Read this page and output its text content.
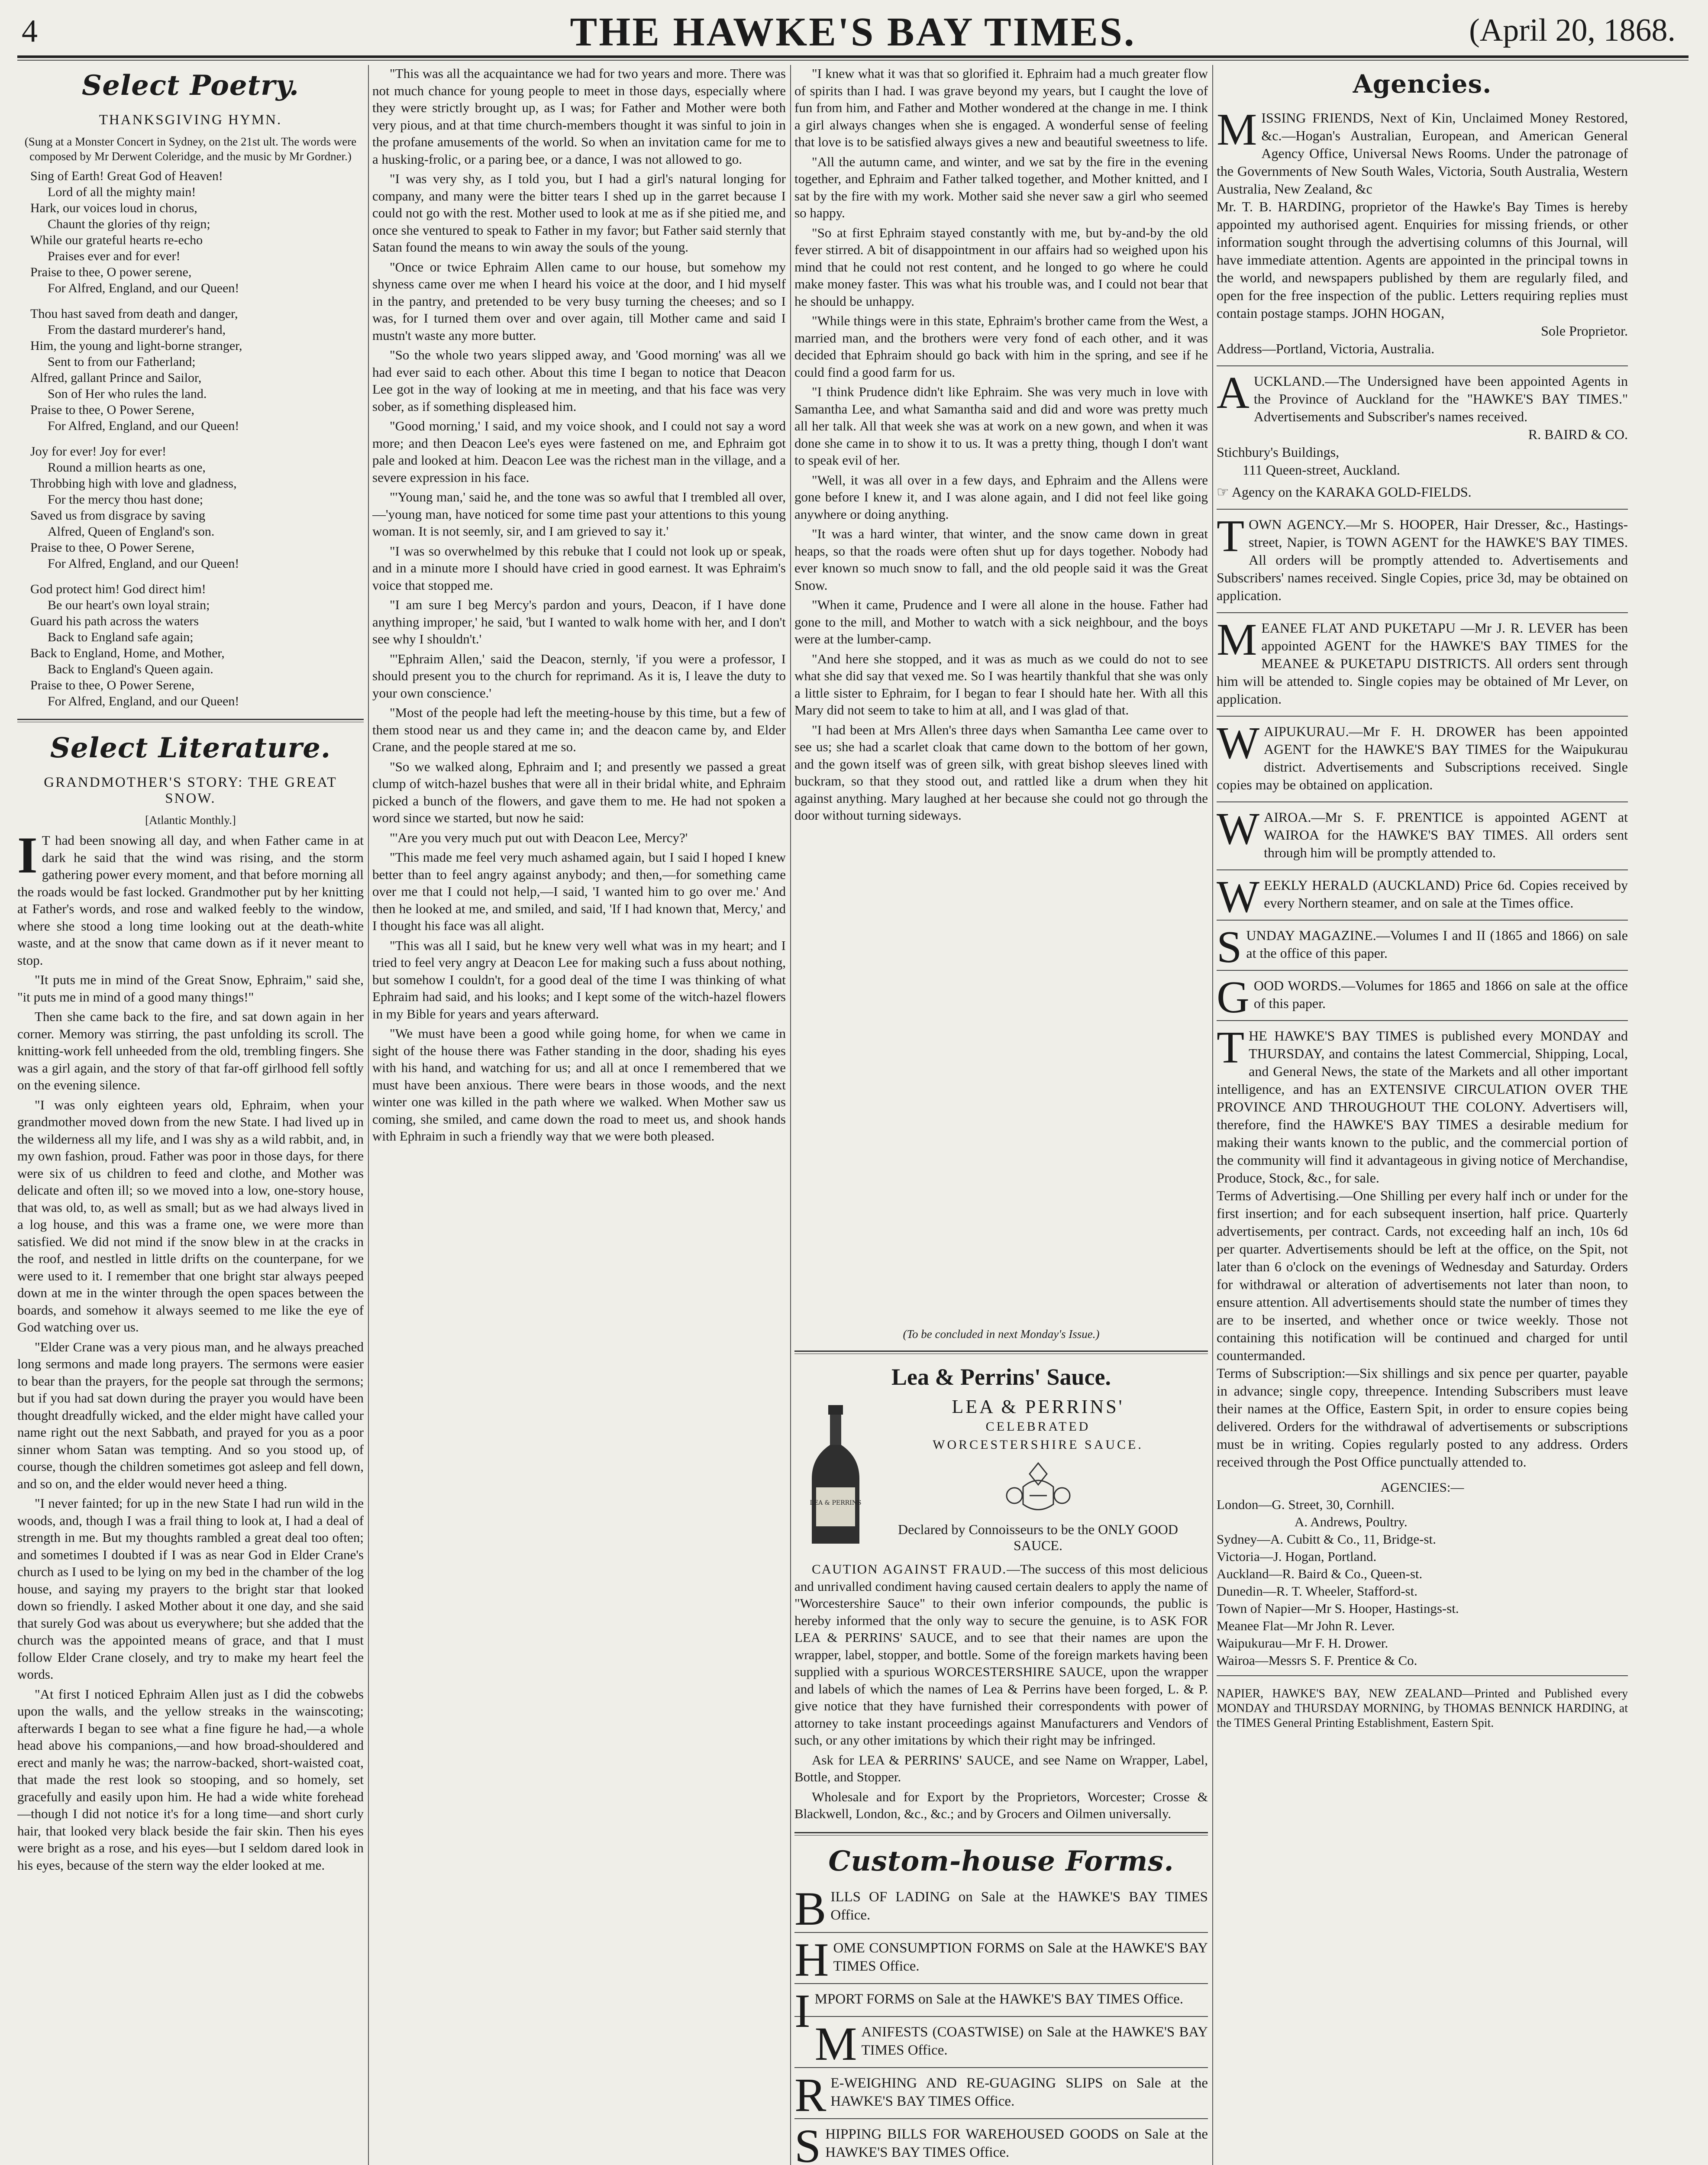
4	THE HAWKE'S BAY TIMES.	(April 20, 1868.
Select Poetry.
THANKSGIVING HYMN.
(Sung at a Monster Concert in Sydney, on the 21st ult. The words were composed by Mr Derwent Coleridge, and the music by Mr Gordner.)
Sing of Earth! Great God of Heaven!
Lord of all the mighty main!
Hark, our voices loud in chorus,
Chaunt the glories of thy reign;
While our grateful hearts re-echo
Praises ever and for ever!
Praise to thee, O power serene,
For Alfred, England, and our Queen!
Thou hast saved from death and danger,
From the dastard murderer's hand,
Him, the young and light-borne stranger,
Sent to from our Fatherland;
Alfred, gallant Prince and Sailor,
Son of Her who rules the land.
Praise to thee, O Power Serene,
For Alfred, England, and our Queen!
Joy for ever! Joy for ever!
Round a million hearts as one,
Throbbing high with love and gladness,
For the mercy thou hast done;
Saved us from disgrace by saving
Alfred, Queen of England's son.
Praise to thee, O Power Serene,
For Alfred, England, and our Queen!
God protect him! God direct him!
Be our heart's own loyal strain;
Guard his path across the waters
Back to England safe again;
Back to England, Home, and Mother,
Back to England's Queen again.
Praise to thee, O Power Serene,
For Alfred, England, and our Queen!
Select Literature.
GRANDMOTHER'S STORY: THE GREAT SNOW.
[Atlantic Monthly.]

I T had been snowing all day, and when Father came in at dark he said that the wind was rising, and the storm gathering power every moment, and that before morning all the roads would be fast locked. Grandmother put by her knitting at Father's words, and rose and walked feebly to the window, where she stood a long time looking out at the death-white waste, and at the snow that came down as if it never meant to stop.

"It puts me in mind of the Great Snow, Ephraim," said she, "it puts me in mind of a good many things!"

Then she came back to the fire, and sat down again in her corner. Memory was stirring, the past unfolding its scroll. The knitting-work fell unheeded from the old, trembling fingers. She was a girl again, and the story of that far-off girlhood fell softly on the evening silence.

"I was only eighteen years old, Ephraim, when your grandmother moved down from the new State. I had lived up in the wilderness all my life, and I was shy as a wild rabbit, and, in my own fashion, proud. Father was poor in those days, for there were six of us children to feed and clothe, and Mother was delicate and often ill; so we moved into a low, one-story house, that was old, to, as well as small; but as we had always lived in a log house, and this was a frame one, we were more than satisfied. We did not mind if the snow blew in at the cracks in the roof, and nestled in little drifts on the counterpane, for we were used to it. I remember that one bright star always peeped down at me in the winter through the open spaces between the boards, and somehow it always seemed to me like the eye of God watching over us.

"Elder Crane was a very pious man, and he always preached long sermons and made long prayers. The sermons were easier to bear than the prayers, for the people sat through the sermons; but if you had sat down during the prayer you would have been thought dreadfully wicked, and the elder might have called your name right out the next Sabbath, and prayed for you as a poor sinner whom Satan was tempting. And so you stood up, of course, though the children sometimes got asleep and fell down, and so on, and the elder would never heed a thing.

"I never fainted; for up in the new State I had run wild in the woods, and, though I was a frail thing to look at, I had a deal of strength in me. But my thoughts rambled a great deal too often; and sometimes I doubted if I was as near God in Elder Crane's church as I used to be lying on my bed in the chamber of the log house, and saying my prayers to the bright star that looked down so friendly. I asked Mother about it one day, and she said that surely God was about us everywhere; but she added that the church was the appointed means of grace, and that I must follow Elder Crane closely, and try to make my heart feel the words.

"At first I noticed Ephraim Allen just as I did the cobwebs upon the walls, and the yellow streaks in the wainscoting; afterwards I began to see what a fine figure he had,—a whole head above his companions,—and how broad-shouldered and erect and manly he was; the narrow-backed, short-waisted coat, that made the rest look so stooping, and so homely, set gracefully and easily upon him. He had a wide white forehead—though I did not notice it's for a long time—and short curly hair, that looked very black beside the fair skin. Then his eyes were bright as a rose, and his eyes—but I seldom dared look in his eyes, because of the stern way the elder looked at me.

"This was all the acquaintance we had for two years and more. There was not much chance for young people to meet in those days, especially where they were strictly brought up, as I was; for Father and Mother were both very pious, and at that time church-members thought it was sinful to join in the profane amusements of the world. So when an invitation came for me to a husking-frolic, or a paring bee, or a dance, I was not allowed to go.

"I was very shy, as I told you, but I had a girl's natural longing for company, and many were the bitter tears I shed up in the garret because I could not go with the rest. Mother used to look at me as if she pitied me, and once she ventured to speak to Father in my favor; but Father said sternly that Satan found the means to win away the souls of the young.

"Once or twice Ephraim Allen came to our house, but somehow my shyness came over me when I heard his voice at the door, and I hid myself in the pantry, and pretended to be very busy turning the cheeses; and so I was, for I turned them over and over again, till Mother came and said I mustn't waste any more butter.

"So the whole two years slipped away, and 'Good morning' was all we had ever said to each other. About this time I began to notice that Deacon Lee got in the way of looking at me in meeting, and that his face was very sober, as if something displeased him.

"Good morning,' I said, and my voice shook, and I could not say a word more; and then Deacon Lee's eyes were fastened on me, and Ephraim got pale and looked at him. Deacon Lee was the richest man in the village, and a severe expression in his face.

"'Young man,' said he, and the tone was so awful that I trembled all over,—'young man, have noticed for some time past your attentions to this young woman. It is not seemly, sir, and I am grieved to say it.'

"I was so overwhelmed by this rebuke that I could not look up or speak, and in a minute more I should have cried in good earnest. It was Ephraim's voice that stopped me.

"I am sure I beg Mercy's pardon and yours, Deacon, if I have done anything improper,' he said, 'but I wanted to walk home with her, and I don't see why I shouldn't.'

"'Ephraim Allen,' said the Deacon, sternly, 'if you were a professor, I should present you to the church for reprimand. As it is, I leave the duty to your own conscience.'

"Most of the people had left the meeting-house by this time, but a few of them stood near us and they came in; and the deacon came by, and Elder Crane, and the people stared at me so.

"So we walked along, Ephraim and I; and presently we passed a great clump of witch-hazel bushes that were all in their bridal white, and Ephraim picked a bunch of the flowers, and gave them to me. He had not spoken a word since we started, but now he said:

"'Are you very much put out with Deacon Lee, Mercy?'

"This made me feel very much ashamed again, but I said I hoped I knew better than to feel angry against anybody; and then,—for something came over me that I could not help,—I said, 'I wanted him to go over me.' And then he looked at me, and smiled, and said, 'If I had known that, Mercy,' and I thought his face was all alight.

"This was all I said, but he knew very well what was in my heart; and I tried to feel very angry at Deacon Lee for making such a fuss about nothing, but somehow I couldn't, for a good deal of the time I was thinking of what Ephraim had said, and his looks; and I kept some of the witch-hazel flowers in my Bible for years and years afterward.

"We must have been a good while going home, for when we came in sight of the house there was Father standing in the door, shading his eyes with his hand, and watching for us; and all at once I remembered that we must have been anxious. There were bears in those woods, and the next winter one was killed in the path where we walked. When Mother saw us coming, she smiled, and came down the road to meet us, and shook hands with Ephraim in such a friendly way that we were both pleased.

"I knew what it was that so glorified it. Ephraim had a much greater flow of spirits than I had. I was grave beyond my years, but I caught the love of fun from him, and Father and Mother wondered at the change in me. I think a girl always changes when she is engaged. A wonderful sense of feeling that love is to be satisfied always gives a new and beautiful sweetness to life.

"All the autumn came, and winter, and we sat by the fire in the evening together, and Ephraim and Father talked together, and Mother knitted, and I sat by the fire with my work. Mother said she never saw a girl who seemed so happy.

"So at first Ephraim stayed constantly with me, but by-and-by the old fever stirred. A bit of disappointment in our affairs had so weighed upon his mind that he could not rest content, and he longed to go where he could make money faster. This was what his trouble was, and I could not bear that he should be unhappy.

"While things were in this state, Ephraim's brother came from the West, a married man, and the brothers were very fond of each other, and it was decided that Ephraim should go back with him in the spring, and see if he could find a good farm for us.

"I think Prudence didn't like Ephraim. She was very much in love with Samantha Lee, and what Samantha said and did and wore was pretty much all her talk. All that week she was at work on a new gown, and when it was done she came in to show it to us. It was a pretty thing, though I don't want to speak evil of her.

"Well, it was all over in a few days, and Ephraim and the Allens were gone before I knew it, and I was alone again, and I did not feel like going anywhere or doing anything.

"It was a hard winter, that winter, and the snow came down in great heaps, so that the roads were often shut up for days together. Nobody had ever known so much snow to fall, and the old people said it was the Great Snow.

"When it came, Prudence and I were all alone in the house. Father had gone to the mill, and Mother to watch with a sick neighbour, and the boys were at the lumber-camp.

"And here she stopped, and it was as much as we could do not to see what she did say that vexed me. So I was heartily thankful that she was only a little sister to Ephraim, for I began to fear I should hate her. With all this Mary did not seem to take to him at all, and I was glad of that.

"I had been at Mrs Allen's three days when Samantha Lee came over to see us; she had a scarlet cloak that came down to the bottom of her gown, and the gown itself was of green silk, with great bishop sleeves lined with buckram, so that they stood out, and rattled like a drum when they hit against anything. Mary laughed at her because she could not go through the door without turning sideways.

(To be concluded in next Monday's Issue.)
Lea & Perrins' Sauce.
LEA & PERRINS
LEA & PERRINS'
CELEBRATED
WORCESTERSHIRE SAUCE.
Declared by Connoisseurs to be the ONLY GOOD SAUCE.

CAUTION AGAINST FRAUD.—The success of this most delicious and unrivalled condiment having caused certain dealers to apply the name of "Worcestershire Sauce" to their own inferior compounds, the public is hereby informed that the only way to secure the genuine, is to ASK FOR LEA & PERRINS' SAUCE, and to see that their names are upon the wrapper, label, stopper, and bottle. Some of the foreign markets having been supplied with a spurious WORCESTERSHIRE SAUCE, upon the wrapper and labels of which the names of Lea & Perrins have been forged, L. & P. give notice that they have furnished their correspondents with power of attorney to take instant proceedings against Manufacturers and Vendors of such, or any other imitations by which their right may be infringed.

Ask for LEA & PERRINS' SAUCE, and see Name on Wrapper, Label, Bottle, and Stopper.

Wholesale and for Export by the Proprietors, Worcester; Crosse & Blackwell, London, &c., &c.; and by Grocers and Oilmen universally.

Custom-house Forms.
BILLS OF LADING on Sale at the HAWKE'S BAY TIMES Office.
HOME CONSUMPTION FORMS on Sale at the HAWKE'S BAY TIMES Office.
IMPORT FORMS on Sale at the HAWKE'S BAY TIMES Office.
MANIFESTS (COASTWISE) on Sale at the HAWKE'S BAY TIMES Office.
R E-WEIGHING AND RE-GUAGING SLIPS on Sale at the HAWKE'S BAY TIMES Office.
SHIPPING BILLS FOR WAREHOUSED GOODS on Sale at the HAWKE'S BAY TIMES Office.
Agencies.
MISSING FRIENDS, Next of Kin, Unclaimed Money Restored, &c.—Hogan's Australian, European, and American General Agency Office, Universal News Rooms. Under the patronage of the Governments of New South Wales, Victoria, South Australia, Western Australia, New Zealand, &c
Mr. T. B. HARDING, proprietor of the Hawke's Bay Times is hereby appointed my authorised agent. Enquiries for missing friends, or other information sought through the advertising columns of this Journal, will have immediate attention. Agents are appointed in the principal towns in the world, and newspapers published by them are regularly filed, and open for the free inspection of the public. Letters requiring replies must contain postage stamps. JOHN HOGAN,
Sole Proprietor.
Address—Portland, Victoria, Australia.
AUCKLAND.—The Undersigned have been appointed Agents in the Province of Auckland for the "HAWKE'S BAY TIMES." Advertisements and Subscriber's names received.
R. BAIRD & CO.
Stichbury's Buildings,
111 Queen-street, Auckland.
☞ Agency on the KARAKA GOLD-FIELDS.
TOWN AGENCY.—Mr S. HOOPER, Hair Dresser, &c., Hastings-street, Napier, is TOWN AGENT for the HAWKE'S BAY TIMES. All orders will be promptly attended to. Advertisements and Subscribers' names received. Single Copies, price 3d, may be obtained on application.
MEANEE FLAT AND PUKETAPU —Mr J. R. LEVER has been appointed AGENT for the HAWKE'S BAY TIMES for the MEANEE & PUKETAPU DISTRICTS. All orders sent through him will be attended to. Single copies may be obtained of Mr Lever, on application.
WAIPUKURAU.—Mr F. H. DROWER has been appointed AGENT for the HAWKE'S BAY TIMES for the Waipukurau district. Advertisements and Subscriptions received. Single copies may be obtained on application.
WAIROA.—Mr S. F. PRENTICE is appointed AGENT at WAIROA for the HAWKE'S BAY TIMES. All orders sent through him will be promptly attended to.
WEEKLY HERALD (AUCKLAND) Price 6d. Copies received by every Northern steamer, and on sale at the Times office.
SUNDAY MAGAZINE.—Volumes I and II (1865 and 1866) on sale at the office of this paper.
GOOD WORDS.—Volumes for 1865 and 1866 on sale at the office of this paper.
THE HAWKE'S BAY TIMES is published every MONDAY and THURSDAY, and contains the latest Commercial, Shipping, Local, and General News, the state of the Markets and all other important intelligence, and has an EXTENSIVE CIRCULATION OVER THE PROVINCE AND THROUGHOUT THE COLONY. Advertisers will, therefore, find the HAWKE'S BAY TIMES a desirable medium for making their wants known to the public, and the commercial portion of the community will find it advantageous in giving notice of Merchandise, Produce, Stock, &c., for sale.
Terms of Advertising.—One Shilling per every half inch or under for the first insertion; and for each subsequent insertion, half price. Quarterly advertisements, per contract. Cards, not exceeding half an inch, 10s 6d per quarter. Advertisements should be left at the office, on the Spit, not later than 6 o'clock on the evenings of Wednesday and Saturday. Orders for withdrawal or alteration of advertisements not later than noon, to ensure attention. All advertisements should state the number of times they are to be inserted, and whether once or twice weekly. Those not containing this notification will be continued and charged for until countermanded.
Terms of Subscription:—Six shillings and six pence per quarter, payable in advance; single copy, threepence. Intending Subscribers must leave their names at the Office, Eastern Spit, in order to ensure copies being delivered. Orders for the withdrawal of advertisements or subscriptions must be in writing. Copies regularly posted to any address. Orders received through the Post Office punctually attended to.

AGENCIES:—

London—G. Street, 30, Cornhill.

A. Andrews, Poultry.

Sydney—A. Cubitt & Co., 11, Bridge-st.

Victoria—J. Hogan, Portland.

Auckland—R. Baird & Co., Queen-st.

Dunedin—R. T. Wheeler, Stafford-st.

Town of Napier—Mr S. Hooper, Hastings-st.

Meanee Flat—Mr John R. Lever.

Waipukurau—Mr F. H. Drower.

Wairoa—Messrs S. F. Prentice & Co.

NAPIER, HAWKE'S BAY, NEW ZEALAND—Printed and Published every MONDAY and THURSDAY MORNING, by THOMAS BENNICK HARDING, at the TIMES General Printing Establishment, Eastern Spit.
